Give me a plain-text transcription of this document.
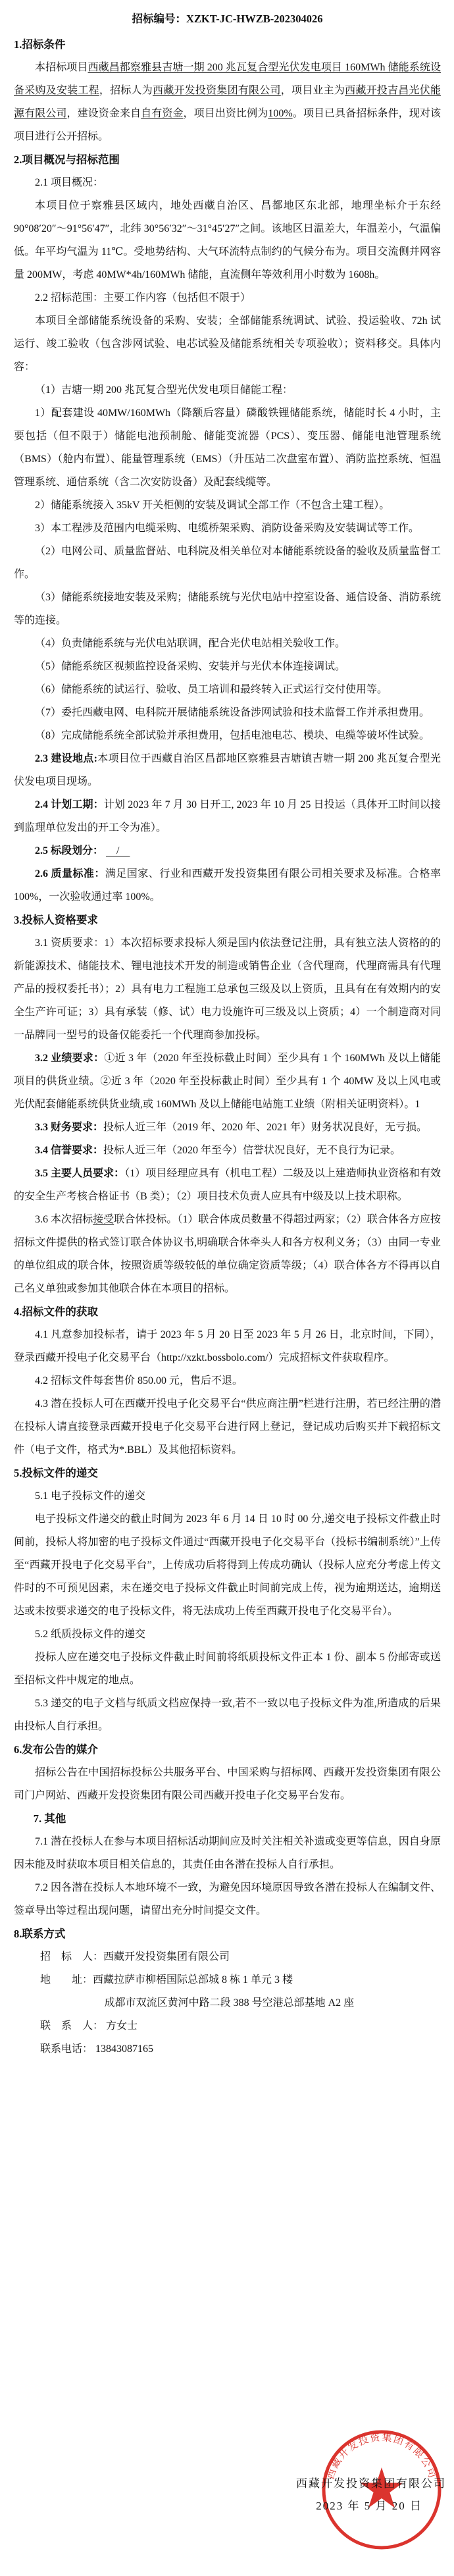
招标编号：XZKT-JC-HWZB-202304026

1.招标条件

本招标项目西藏昌都察雅县吉塘一期 200 兆瓦复合型光伏发电项目 160MWh 储能系统设备采购及安装工程，招标人为西藏开发投资集团有限公司，项目业主为西藏开投吉昌光伏能源有限公司，建设资金来自自有资金，项目出资比例为100%。项目已具备招标条件，现对该项目进行公开招标。

2.项目概况与招标范围

2.1 项目概况：

本项目位于察雅县区域内，地处西藏自治区、昌都地区东北部，地理坐标介于东经 90°08′20″～91°56′47″，北纬 30°56′32″～31°45′27″之间。该地区日温差大，年温差小，气温偏低。年平均气温为 11℃。受地势结构、大气环流特点制约的气候分布为。项目交流侧并网容量 200MW，考虑 40MW*4h/160MWh 储能，直流侧年等效利用小时数为 1608h。

2.2 招标范围：主要工作内容（包括但不限于）

本项目全部储能系统设备的采购、安装；全部储能系统调试、试验、投运验收、72h 试运行、竣工验收（包含涉网试验、电芯试验及储能系统相关专项验收）；资料移交。具体内容：

（1）吉塘一期 200 兆瓦复合型光伏发电项目储能工程：

1）配套建设 40MW/160MWh（降额后容量）磷酸铁锂储能系统，储能时长 4 小时，主要包括（但不限于）储能电池预制舱、储能变流器（PCS）、变压器、储能电池管理系统（BMS）（舱内布置）、能量管理系统（EMS）（升压站二次盘室布置）、消防监控系统、恒温管理系统、通信系统（含二次安防设备）及配套线缆等。

2）储能系统接入 35kV 开关柜侧的安装及调试全部工作（不包含土建工程）。

3）本工程涉及范围内电缆采购、电缆桥架采购、消防设备采购及安装调试等工作。

（2）电网公司、质量监督站、电科院及相关单位对本储能系统设备的验收及质量监督工作。

（3）储能系统接地安装及采购；储能系统与光伏电站中控室设备、通信设备、消防系统等的连接。

（4）负责储能系统与光伏电站联调，配合光伏电站相关验收工作。

（5）储能系统区视频监控设备采购、安装并与光伏本体连接调试。

（6）储能系统的试运行、验收、员工培训和最终转入正式运行交付使用等。

（7）委托西藏电网、电科院开展储能系统设备涉网试验和技术监督工作并承担费用。

（8）完成储能系统全部试验并承担费用，包括电池电芯、模块、电缆等破坏性试验。

2.3 建设地点:本项目位于西藏自治区昌都地区察雅县吉塘镇吉塘一期 200 兆瓦复合型光伏发电项目现场。

2.4 计划工期：计划 2023 年 7 月 30 日开工, 2023 年 10 月 25 日投运（具体开工时间以接到监理单位发出的开工令为准）。

2.5 标段划分： 　/　

2.6 质量标准：满足国家、行业和西藏开发投资集团有限公司相关要求及标准。合格率 100%，一次验收通过率 100%。

3.投标人资格要求

3.1 资质要求：1）本次招标要求投标人须是国内依法登记注册，具有独立法人资格的的新能源技术、储能技术、锂电池技术开发的制造或销售企业（含代理商，代理商需具有代理产品的授权委托书）；2）具有电力工程施工总承包三级及以上资质，且具有在有效期内的安全生产许可证；3）具有承装（修、试）电力设施许可三级及以上资质；4）一个制造商对同一品牌同一型号的设备仅能委托一个代理商参加投标。

3.2 业绩要求：①近 3 年（2020 年至投标截止时间）至少具有 1 个 160MWh 及以上储能项目的供货业绩。②近 3 年（2020 年至投标截止时间）至少具有 1 个 40MW 及以上风电或光伏配套储能系统供货业绩,或 160MWh 及以上储能电站施工业绩（附相关证明资料）。1

3.3 财务要求：投标人近三年（2019 年、2020 年、2021 年）财务状况良好，无亏损。

3.4 信誉要求：投标人近三年（2020 年至今）信誉状况良好，无不良行为记录。

3.5 主要人员要求：（1）项目经理应具有（机电工程）二级及以上建造师执业资格和有效的安全生产考核合格证书（B 类）；（2）项目技术负责人应具有中级及以上技术职称。

3.6 本次招标接受联合体投标。（1）联合体成员数量不得超过两家；（2）联合体各方应按招标文件提供的格式签订联合体协议书,明确联合体牵头人和各方权利义务；（3）由同一专业的单位组成的联合体，按照资质等级较低的单位确定资质等级；（4）联合体各方不得再以自己名义单独或参加其他联合体在本项目的招标。

4.招标文件的获取

4.1 凡意参加投标者，请于 2023 年 5 月 20 日至 2023 年 5 月 26 日，北京时间，下同），登录西藏开投电子化交易平台（http://xzkt.bossbolo.com/）完成招标文件获取程序。

4.2 招标文件每套售价 850.00 元，售后不退。

4.3 潜在投标人可在西藏开投电子化交易平台“供应商注册”栏进行注册，若已经注册的潜在投标人请直接登录西藏开投电子化交易平台进行网上登记，登记成功后购买并下载招标文件（电子文件，格式为*.BBL）及其他招标资料。

5.投标文件的递交

5.1 电子投标文件的递交

电子投标文件递交的截止时间为 2023 年 6 月 14 日 10 时 00 分,递交电子投标文件截止时间前，投标人将加密的电子投标文件通过“西藏开投电子化交易平台（投标书编制系统）”上传至“西藏开投电子化交易平台”，上传成功后将得到上传成功确认（投标人应充分考虑上传文件时的不可预见因素，未在递交电子投标文件截止时间前完成上传，视为逾期送达，逾期送达或未按要求递交的电子投标文件，将无法成功上传至西藏开投电子化交易平台）。

5.2 纸质投标文件的递交

投标人应在递交电子投标文件截止时间前将纸质投标文件正本 1 份、副本 5 份邮寄或送至招标文件中规定的地点。

5.3 递交的电子文档与纸质文档应保持一致,若不一致以电子投标文件为准,所造成的后果由投标人自行承担。

6.发布公告的媒介

招标公告在中国招标投标公共服务平台、中国采购与招标网、西藏开发投资集团有限公司门户网站、西藏开发投资集团有限公司西藏开投电子化交易平台发布。

7. 其他

7.1 潜在投标人在参与本项目招标活动期间应及时关注相关补遗或变更等信息，因自身原因未能及时获取本项目相关信息的，其责任由各潜在投标人自行承担。

7.2 因各潜在投标人本地环境不一致，为避免因环境原因导致各潜在投标人在编制文件、签章导出等过程出现问题，请留出充分时间提交文件。

8.联系方式

招　标　人：西藏开发投资集团有限公司

地　　址：西藏拉萨市柳梧国际总部城 8 栋 1 单元 3 楼

成都市双流区黄河中路二段 388 号空港总部基地 A2 座

联　系　人： 方女士

联系电话： 13843087165

西藏开发投资集团有限公司
西藏开发投资集团有限公司
2023 年 5 月 20 日
